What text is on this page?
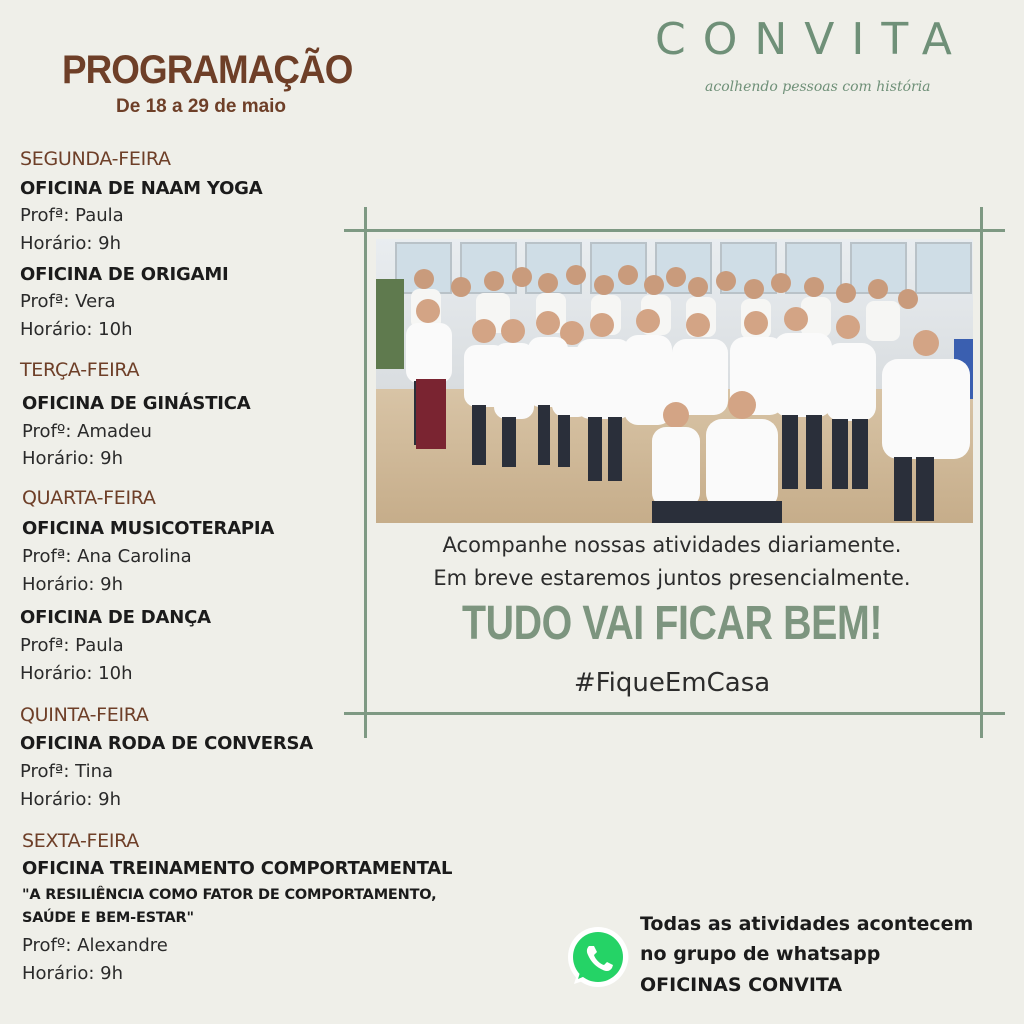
PROGRAMAÇÃO
De 18 a 29 de maio
CONVITA
acolhendo pessoas com história
SEGUNDA-FEIRA
OFICINA DE NAAM YOGA
Profª: Paula
Horário: 9h
OFICINA DE ORIGAMI
Profª: Vera
Horário: 10h
TERÇA-FEIRA
OFICINA DE GINÁSTICA
Profº: Amadeu
Horário: 9h
QUARTA-FEIRA
OFICINA MUSICOTERAPIA
Profª: Ana Carolina
Horário: 9h
OFICINA DE DANÇA
Profª: Paula
Horário: 10h
QUINTA-FEIRA
OFICINA RODA DE CONVERSA
Profª: Tina
Horário: 9h
SEXTA-FEIRA
OFICINA TREINAMENTO COMPORTAMENTAL
"A RESILIÊNCIA COMO FATOR DE COMPORTAMENTO,
SAÚDE E BEM-ESTAR"
Profº: Alexandre
Horário: 9h
Acompanhe nossas atividades diariamente.
Em breve estaremos juntos presencialmente.
TUDO VAI FICAR BEM!
#FiqueEmCasa
Todas as atividades acontecem
no grupo de whatsapp
OFICINAS CONVITA
